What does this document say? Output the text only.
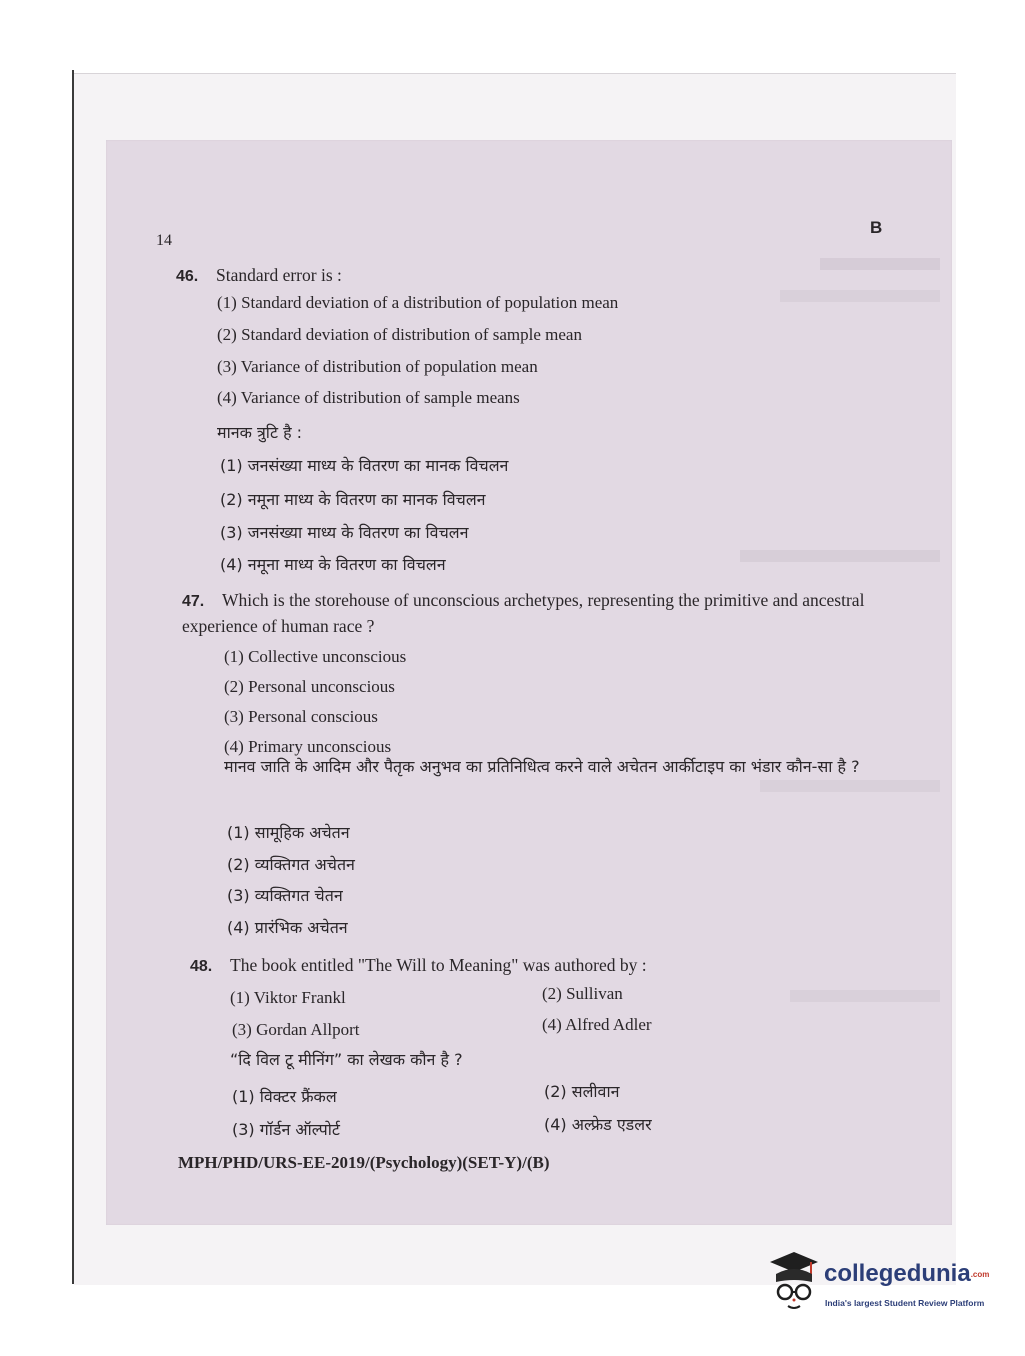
14
B
46. Standard error is :
(1) Standard deviation of a distribution of population mean
(2) Standard deviation of distribution of sample mean
(3) Variance of distribution of population mean
(4) Variance of distribution of sample means
मानक त्रुटि है :
(1) जनसंख्या माध्य के वितरण का मानक विचलन
(2) नमूना माध्य के वितरण का मानक विचलन
(3) जनसंख्या माध्य के वितरण का विचलन
(4) नमूना माध्य के वितरण का विचलन
47. Which is the storehouse of unconscious archetypes, representing the primitive and ancestral experience of human race ?
(1) Collective unconscious
(2) Personal unconscious
(3) Personal conscious
(4) Primary unconscious
मानव जाति के आदिम और पैतृक अनुभव का प्रतिनिधित्व करने वाले अचेतन आर्कीटाइप का भंडार कौन-सा है ?
(1) सामूहिक अचेतन
(2) व्यक्तिगत अचेतन
(3) व्यक्तिगत चेतन
(4) प्रारंभिक अचेतन
48. The book entitled "The Will to Meaning" was authored by :
(1) Viktor Frankl	(2) Sullivan
(3) Gordan Allport	(4) Alfred Adler
“दि विल टू मीनिंग” का लेखक कौन है ?
(1) विक्टर फ्रैंकल	(2) सलीवान
(3) गॉर्डन ऑल्पोर्ट	(4) अल्फ्रेड एडलर
MPH/PHD/URS-EE-2019/(Psychology)(SET-Y)/(B)
collegedunia.com
India's largest Student Review Platform
